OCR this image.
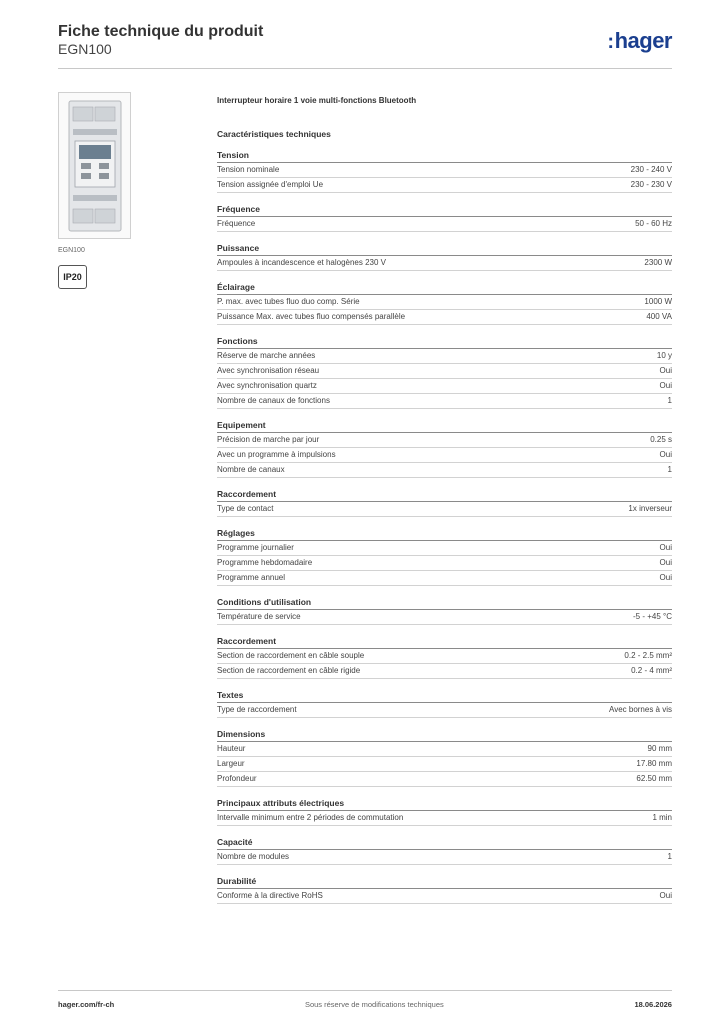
Fiche technique du produit
EGN100	:hager
EGN100
IP20
Interrupteur horaire 1 voie multi-fonctions Bluetooth
Caractéristiques techniques
Tension
Tension nominale	230 - 240 V
Tension assignée d'emploi Ue	230 - 230 V
Fréquence
Fréquence	50 - 60 Hz
Puissance
Ampoules à incandescence et halogènes 230 V	2300 W
Éclairage
P. max. avec tubes fluo duo comp. Série	1000 W
Puissance Max. avec tubes fluo compensés parallèle	400 VA
Fonctions
Réserve de marche années	10 y
Avec synchronisation réseau	Oui
Avec synchronisation quartz	Oui
Nombre de canaux de fonctions	1
Equipement
Précision de marche par jour	0.25 s
Avec un programme à impulsions	Oui
Nombre de canaux	1
Raccordement
Type de contact	1x inverseur
Réglages
Programme journalier	Oui
Programme hebdomadaire	Oui
Programme annuel	Oui
Conditions d'utilisation
Température de service	-5 - +45 °C
Raccordement
Section de raccordement en câble souple	0.2 - 2.5 mm²
Section de raccordement en câble rigide	0.2 - 4 mm²
Textes
Type de raccordement	Avec bornes à vis
Dimensions
Hauteur	90 mm
Largeur	17.80 mm
Profondeur	62.50 mm
Principaux attributs électriques
Intervalle minimum entre 2 périodes de commutation	1 min
Capacité
Nombre de modules	1
Durabilité
Conforme à la directive RoHS	Oui
hager.com/fr-ch	Sous réserve de modifications techniques	18.06.2026
